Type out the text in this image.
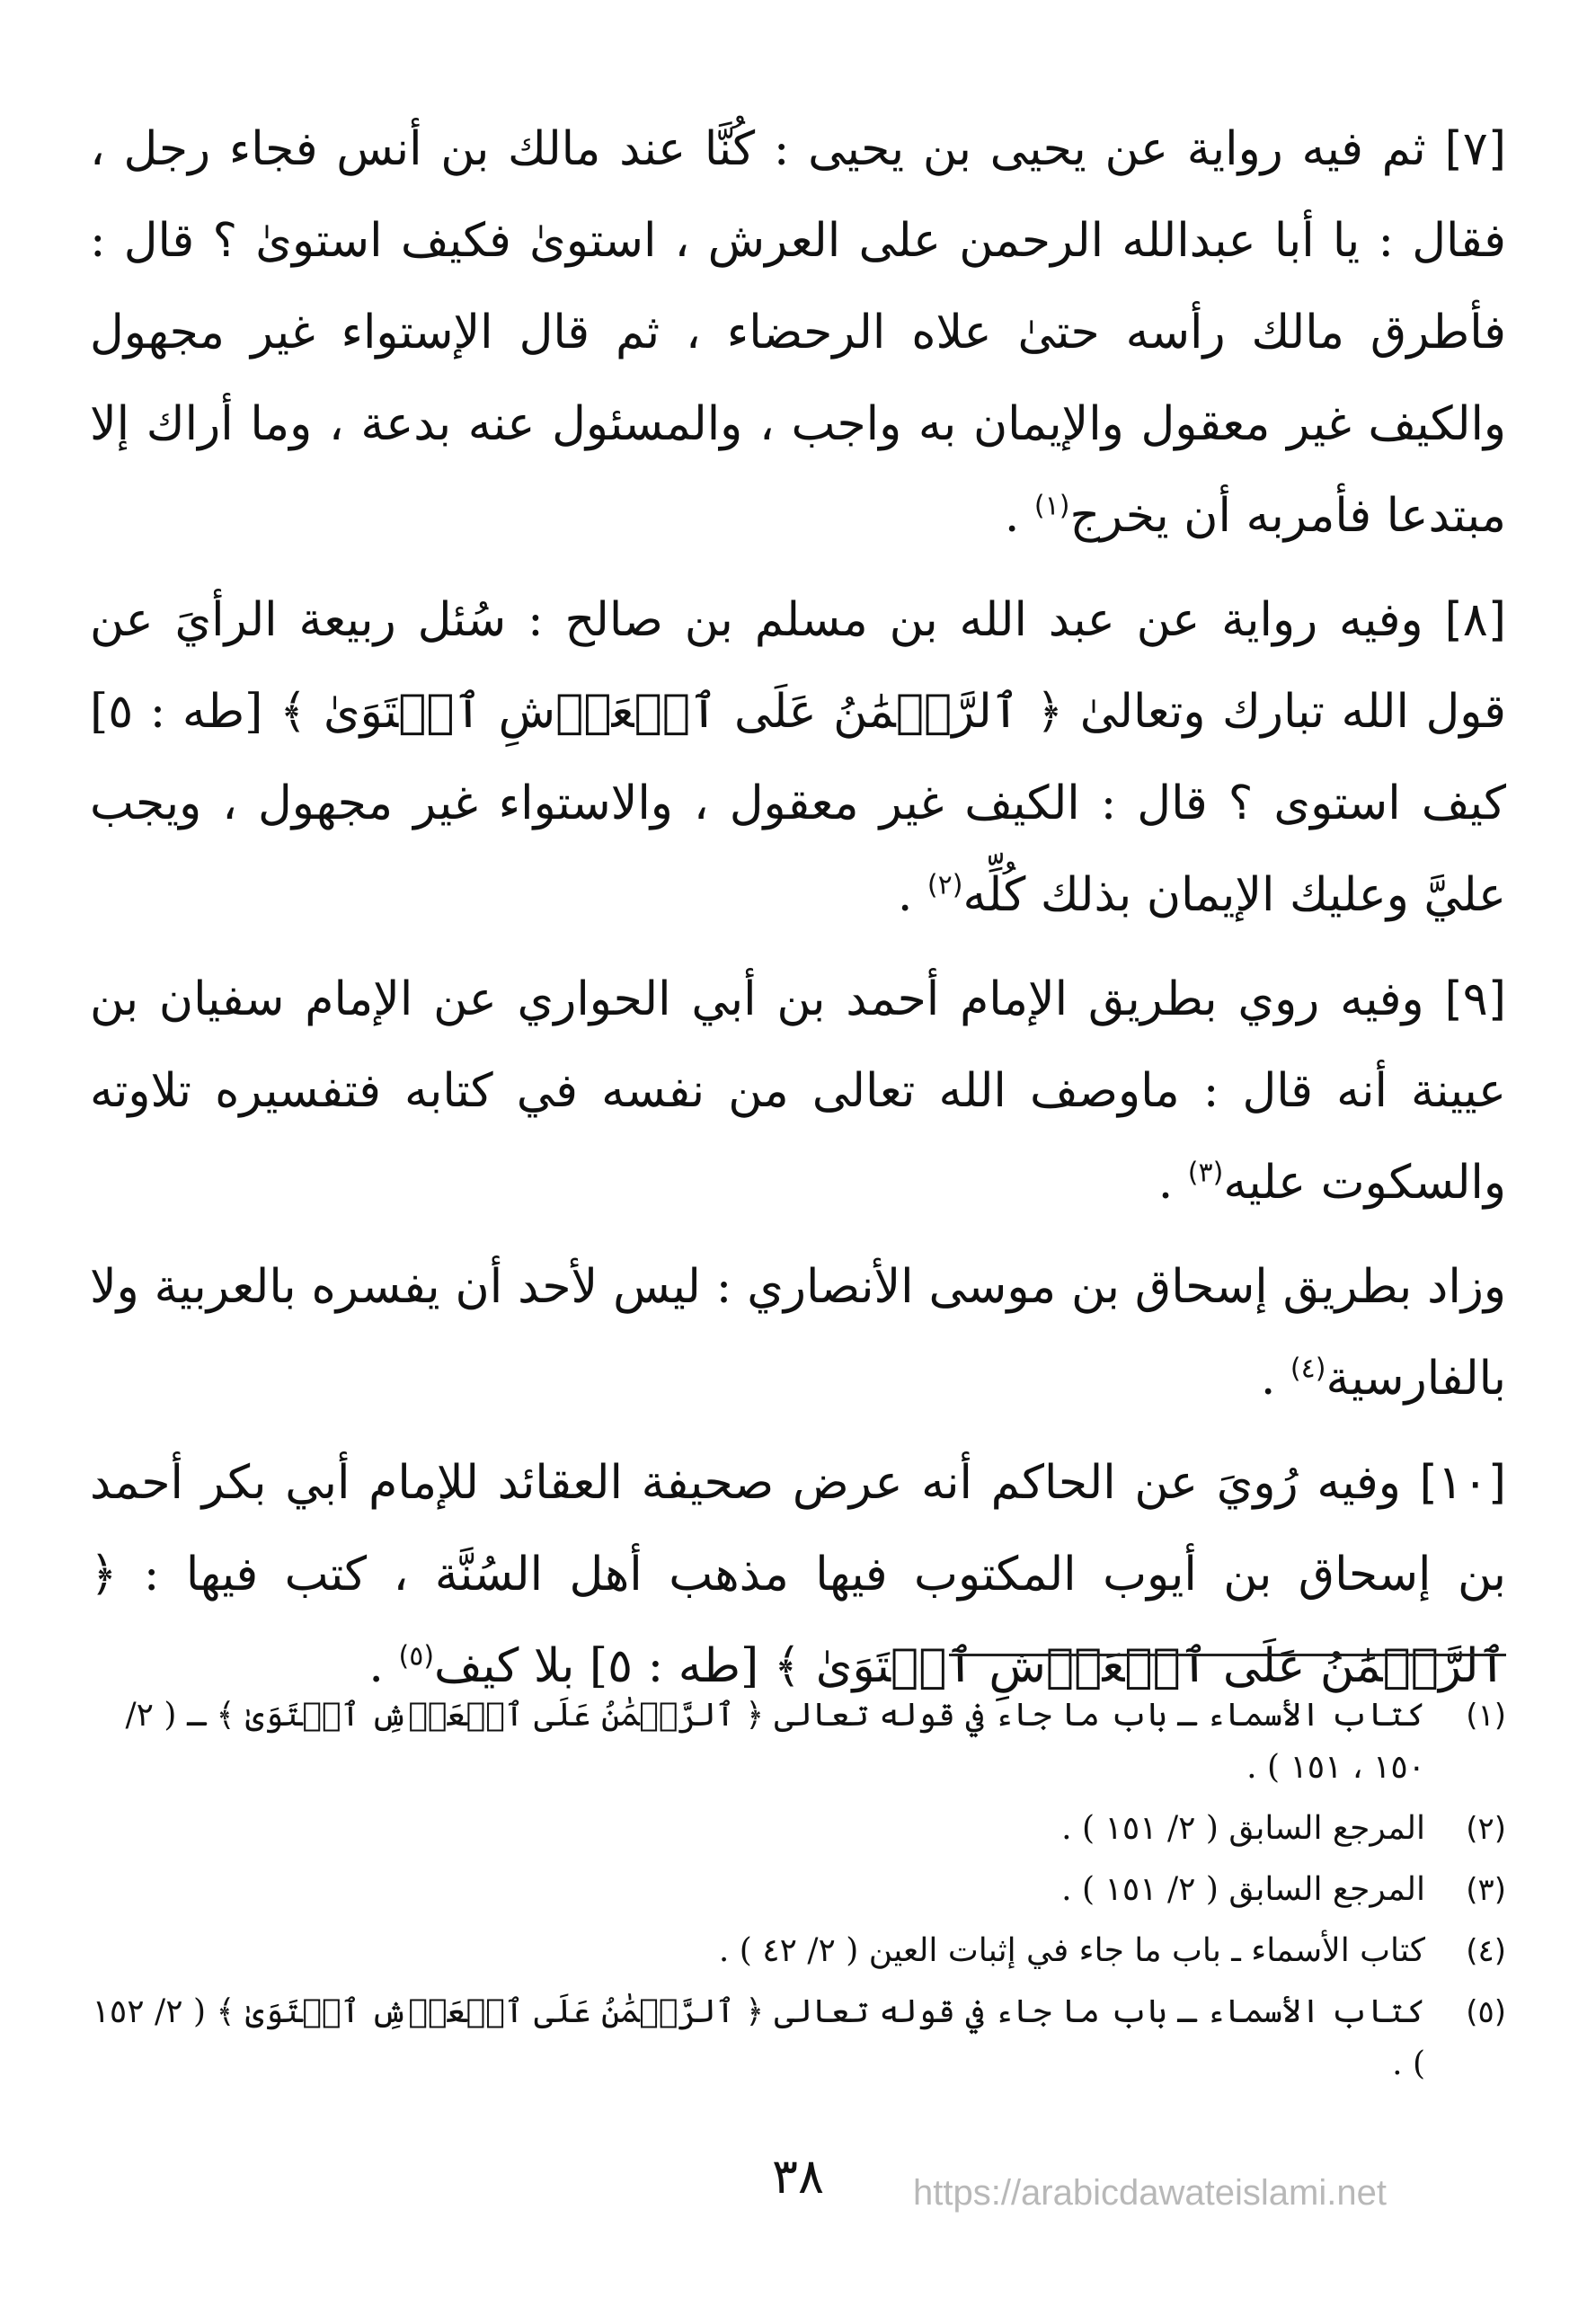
[٧] ثم فيه رواية عن يحيى بن يحيى : كُنَّا عند مالك بن أنس فجاء رجل ، فقال : يا أبا عبدالله الرحمن على العرش ، استوىٰ فكيف استوىٰ ؟ قال : فأطرق مالك رأسه حتىٰ علاه الرحضاء ، ثم قال الإستواء غير مجهول والكيف غير معقول والإيمان به واجب ، والمسئول عنه بدعة ، وما أراك إلا مبتدعا فأمربه أن يخرج$^{(١)}$ .

[٨] وفيه رواية عن عبد الله بن مسلم بن صالح : سُئل ربيعة الرأيَ عن قول الله تبارك وتعالىٰ ﴿ ٱلرَّحۡمَٰنُ عَلَى ٱلۡعَرۡشِ ٱسۡتَوَىٰ ﴾ [طه : ٥] كيف استوى ؟ قال : الكيف غير معقول ، والاستواء غير مجهول ، ويجب عليَّ وعليك الإيمان بذلك كُلِّه$^{(٢)}$ .

[٩] وفيه روي بطريق الإمام أحمد بن أبي الحواري عن الإمام سفيان بن عيينة أنه قال : ماوصف الله تعالى من نفسه في كتابه فتفسيره تلاوته والسكوت عليه$^{(٣)}$ .

وزاد بطريق إسحاق بن موسى الأنصاري : ليس لأحد أن يفسره بالعربية ولا بالفارسية$^{(٤)}$ .

[١٠] وفيه رُويَ عن الحاكم أنه عرض صحيفة العقائد للإمام أبي بكر أحمد بن إسحاق بن أيوب المكتوب فيها مذهب أهل السُنَّة ، كتب فيها : ﴿ ٱلرَّحۡمَٰنُ عَلَى ٱلۡعَرۡشِ ٱسۡتَوَىٰ ﴾ [طه : ٥] بلا كيف$^{(٥)}$ .

(١)
كتاب الأسماء ـ باب ما جاء في قوله تعالى ﴿ ٱلرَّحۡمَٰنُ عَلَى ٱلۡعَرۡشِ ٱسۡتَوَىٰ ﴾ ـ ( ٢/ ١٥٠ ، ١٥١ ) .
(٢)
المرجع السابق ( ٢/ ١٥١ ) .
(٣)
المرجع السابق ( ٢/ ١٥١ ) .
(٤)
كتاب الأسماء ـ باب ما جاء في إثبات العين ( ٢/ ٤٢ ) .
(٥)
كتاب الأسماء ـ باب ما جاء في قوله تعالى ﴿ ٱلرَّحۡمَٰنُ عَلَى ٱلۡعَرۡشِ ٱسۡتَوَىٰ ﴾ ( ٢/ ١٥٢ ) .
٣٨	https://arabicdawateislami.net
